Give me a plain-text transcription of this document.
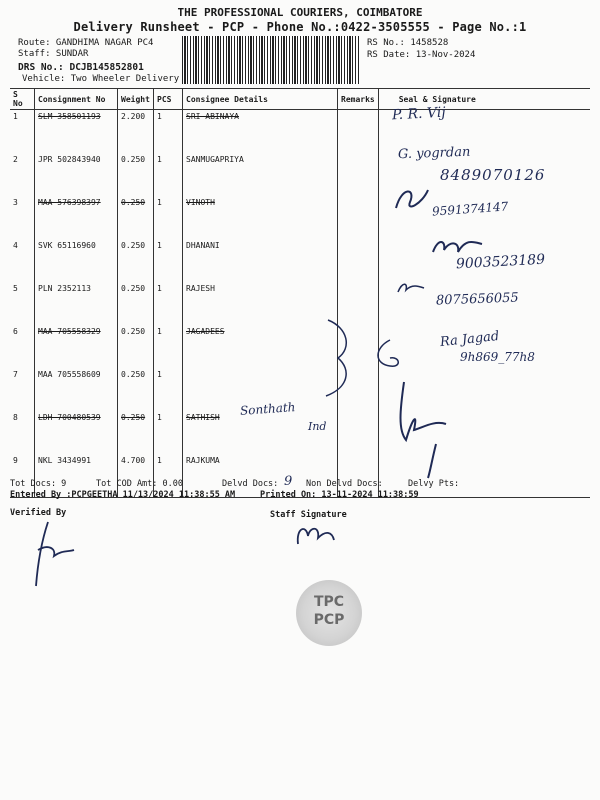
THE PROFESSIONAL COURIERS, COIMBATORE
Delivery Runsheet - PCP - Phone No.:0422-3505555 - Page No.:1
Route: GANDHIMA NAGAR PC4
Staff: SUNDAR
DRS No.: DCJB145852801
Vehicle: Two Wheeler Delivery
RS No.: 1458528
RS Date: 13-Nov-2024
S No	Consignment No	Weight	PCS	Consignee Details	Remarks	Seal & Signature
1	SLM 358501193	2.200	1	SRI ABINAYA		
2	JPR 502843940	0.250	1	SANMUGAPRIYA		
3	MAA 576398397	0.250	1	VINOTH		
4	SVK 65116960	0.250	1	DHANANI		
5	PLN 2352113	0.250	1	RAJESH		
6	MAA 705558329	0.250	1	JAGADEES		
7	MAA 705558609	0.250	1			
8	LDH 700480539	0.250	1	SATHISH		
9	NKL 3434991	4.700	1	RAJKUMA		
P. R. Vij
G. yogrdan
8489070126
9591374147
9003523189
8075656055
Ra Jagad
9h869_77h8
Sonthath
Ind
Tot Docs: 9	Tot COD Amt: 0.00	Delvd Docs: 9 Non Delvd Docs:	Delvy Pts:
Entered By :PCPGEETHA 11/13/2024 11:38:55 AM	Printed On: 13-11-2024 11:38:59
Verified By	Staff Signature
TPC
PCP
